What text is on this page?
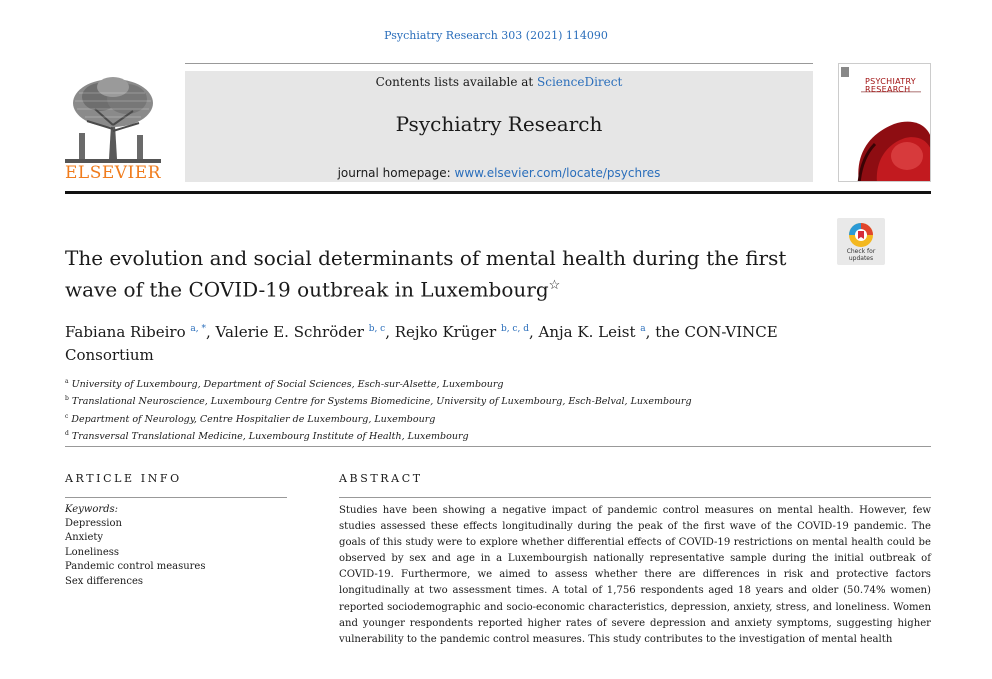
Psychiatry Research 303 (2021) 114090
ELSEVIER
Contents lists available at ScienceDirect
Psychiatry Research
journal homepage: www.elsevier.com/locate/psychres
PSYCHIATRY
RESEARCH
Check for
updates
The evolution and social determinants of mental health during the first
wave of the COVID-19 outbreak in Luxembourg☆
Fabiana Ribeiro $^{a, *}$, Valerie E. Schröder $^{b, c}$, Rejko Krüger $^{b, c, d}$, Anja K. Leist $^a$, the CON-VINCE
Consortium
$^a$ University of Luxembourg, Department of Social Sciences, Esch-sur-Alsette, Luxembourg
$^b$ Translational Neuroscience, Luxembourg Centre for Systems Biomedicine, University of Luxembourg, Esch-Belval, Luxembourg
$^c$ Department of Neurology, Centre Hospitalier de Luxembourg, Luxembourg
$^d$ Transversal Translational Medicine, Luxembourg Institute of Health, Luxembourg
ARTICLE INFO
Keywords:
Depression
Anxiety
Loneliness
Pandemic control measures
Sex differences
ABSTRACT
Studies have been showing a negative impact of pandemic control measures on mental health. However, few studies assessed these effects longitudinally during the peak of the first wave of the COVID-19 pandemic. The goals of this study were to explore whether differential effects of COVID-19 restrictions on mental health could be observed by sex and age in a Luxembourgish nationally representative sample during the initial outbreak of COVID-19. Furthermore, we aimed to assess whether there are differences in risk and protective factors longitudinally at two assessment times. A total of 1,756 respondents aged 18 years and older (50.74% women) reported sociodemographic and socio-economic characteristics, depression, anxiety, stress, and loneliness. Women and younger respondents reported higher rates of severe depression and anxiety symptoms, suggesting higher vulnerability to the pandemic control measures. This study contributes to the investigation of mental health
